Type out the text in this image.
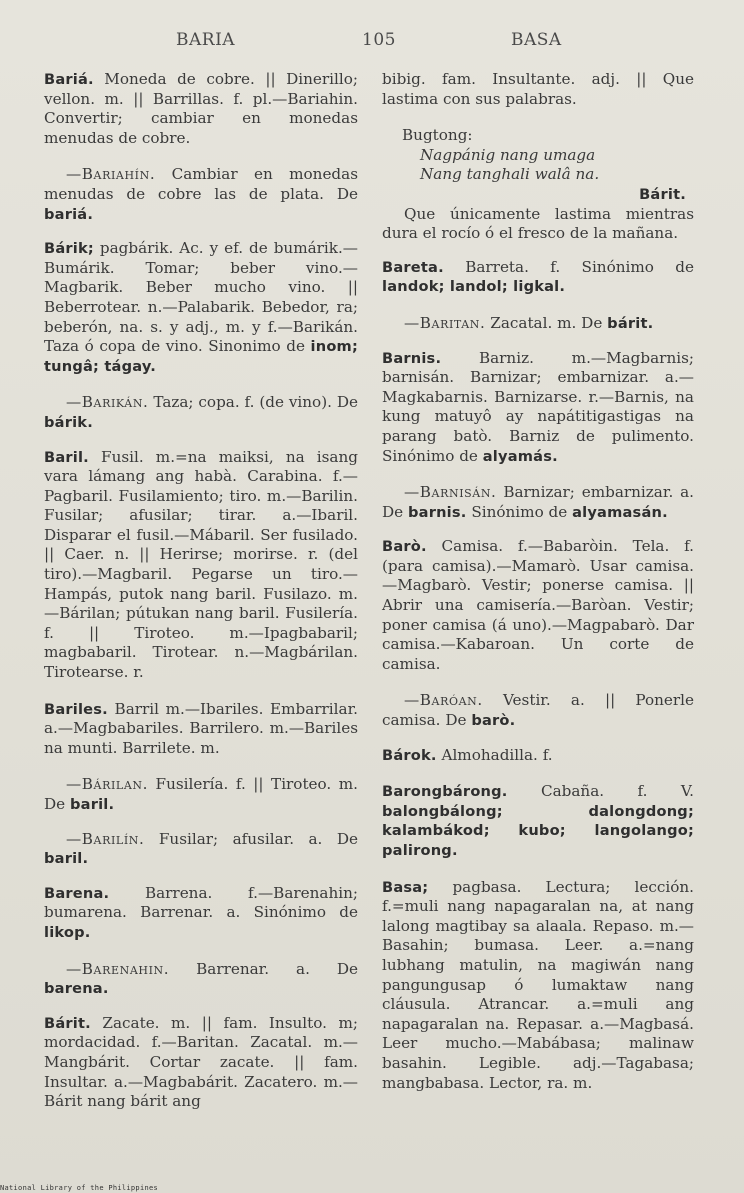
BARIA	105	BASA

Bariá. Moneda de cobre. || Dinerillo; vellon. m. || Barrillas. f. pl.—Bariahin. Convertir; cambiar en monedas menudas de cobre.

—Bariahín. Cambiar en monedas menudas de cobre las de plata. De bariá.

Bárik; pagbárik. Ac. y ef. de bumárik.—Bumárik. Tomar; beber vino.—Magbarik. Beber mucho vino. || Beberrotear. n.—Palabarik. Bebedor, ra; beberón, na. s. y adj., m. y f.—Barikán. Taza ó copa de vino. Sinonimo de inom; tungâ; tágay.

—Barikán. Taza; copa. f. (de vino). De bárik.

Baril. Fusil. m.=na maiksi, na isang vara lámang ang habà. Carabina. f.—Pagbaril. Fusilamiento; tiro. m.—Barilin. Fusilar; afusilar; tirar. a.—Ibaril. Disparar el fusil.—Mábaril. Ser fusilado. || Caer. n. || Herirse; morirse. r. (del tiro).—Magbaril. Pegarse un tiro.—Hampás, putok nang baril. Fusilazo. m.—Bárilan; pútukan nang baril. Fusilería. f. || Tiroteo. m.—Ipagbabaril; magbabaril. Tirotear. n.—Magbárilan. Tirotearse. r.

Bariles. Barril m.—Ibariles. Embarrilar. a.—Magbabariles. Barrilero. m.—Bariles na munti. Barrilete. m.

—Bárilan. Fusilería. f. || Tiroteo. m. De baril.

—Barilín. Fusilar; afusilar. a. De baril.

Barena. Barrena. f.—Barenahin; bumarena. Barrenar. a. Sinónimo de likop.

—Barenahin. Barrenar. a. De barena.

Bárit. Zacate. m. || fam. Insulto. m; mordacidad. f.—Baritan. Zacatal. m.—Mangbárit. Cortar zacate. || fam. Insultar. a.—Magbabárit. Zacatero. m.—Bárit nang bárit ang

bibig. fam. Insultante. adj. || Que lastima con sus palabras.

Bugtong:

Nagpánig nang umaga

Nang tanghali walâ na.

Bárit.

Que únicamente lastima mientras dura el rocío ó el fresco de la mañana.

Bareta. Barreta. f. Sinónimo de landok; landol; ligkal.

—Baritan. Zacatal. m. De bárit.

Barnis. Barniz. m.—Magbarnis; barnisán. Barnizar; embarnizar. a.—Magkabarnis. Barnizarse. r.—Barnis, na kung matuyô ay napátitigastigas na parang batò. Barniz de pulimento. Sinónimo de alyamás.

—Barnisán. Barnizar; embarnizar. a. De barnis. Sinónimo de alyamasán.

Barò. Camisa. f.—Babaròin. Tela. f. (para camisa).—Mamarò. Usar camisa.—Magbarò. Vestir; ponerse camisa. || Abrir una camisería.—Baròan. Vestir; poner camisa (á uno).—Magpabarò. Dar camisa.—Kabaroan. Un corte de camisa.

—Baróan. Vestir. a. || Ponerle camisa. De barò.

Bárok. Almohadilla. f.

Barongbárong. Cabaña. f. V. balongbálong; dalongdong; kalambákod; kubo; langolango; palirong.

Basa; pagbasa. Lectura; lección. f.=muli nang napagaralan na, at nang lalong magtibay sa alaala. Repaso. m.—Basahin; bumasa. Leer. a.=nang lubhang matulin, na magiwán nang pangungusap ó lumaktaw nang cláusula. Atrancar. a.=muli ang napagaralan na. Repasar. a.—Magbasá. Leer mucho.—Mabábasa; malinaw basahin. Legible. adj.—Tagabasa; mangbabasa. Lector, ra. m.

National Library of the Philippines
